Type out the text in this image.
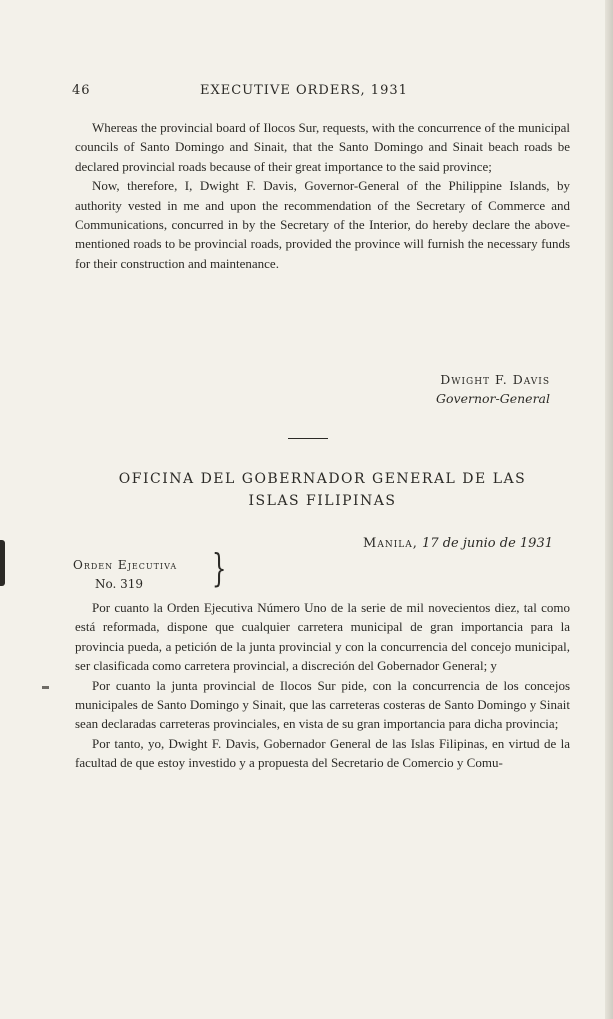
46	EXECUTIVE ORDERS, 1931

Whereas the provincial board of Ilocos Sur, requests, with the concurrence of the municipal councils of Santo Domingo and Sinait, that the Santo Domingo and Sinait beach roads be declared provincial roads because of their great importance to the said province;

Now, therefore, I, Dwight F. Davis, Governor-General of the Philippine Islands, by authority vested in me and upon the recommendation of the Secretary of Commerce and Communications, concurred in by the Secretary of the Interior, do hereby declare the above-mentioned roads to be provincial roads, provided the province will furnish the necessary funds for their construction and maintenance.

Dwight F. Davis
Governor-General
OFICINA DEL GOBERNADOR GENERAL DE LAS
ISLAS FILIPINAS
Manila, 17 de junio de 1931
Orden Ejecutiva
No. 319	}

Por cuanto la Orden Ejecutiva Número Uno de la serie de mil novecientos diez, tal como está reformada, dispone que cualquier carretera municipal de gran importancia para la provincia pueda, a petición de la junta provincial y con la concurrencia del concejo municipal, ser clasificada como carretera provincial, a discreción del Gobernador General; y

Por cuanto la junta provincial de Ilocos Sur pide, con la concurrencia de los concejos municipales de Santo Domingo y Sinait, que las carreteras costeras de Santo Domingo y Sinait sean declaradas carreteras provinciales, en vista de su gran importancia para dicha provincia;

Por tanto, yo, Dwight F. Davis, Gobernador General de las Islas Filipinas, en virtud de la facultad de que estoy investido y a propuesta del Secretario de Comercio y Comu-
